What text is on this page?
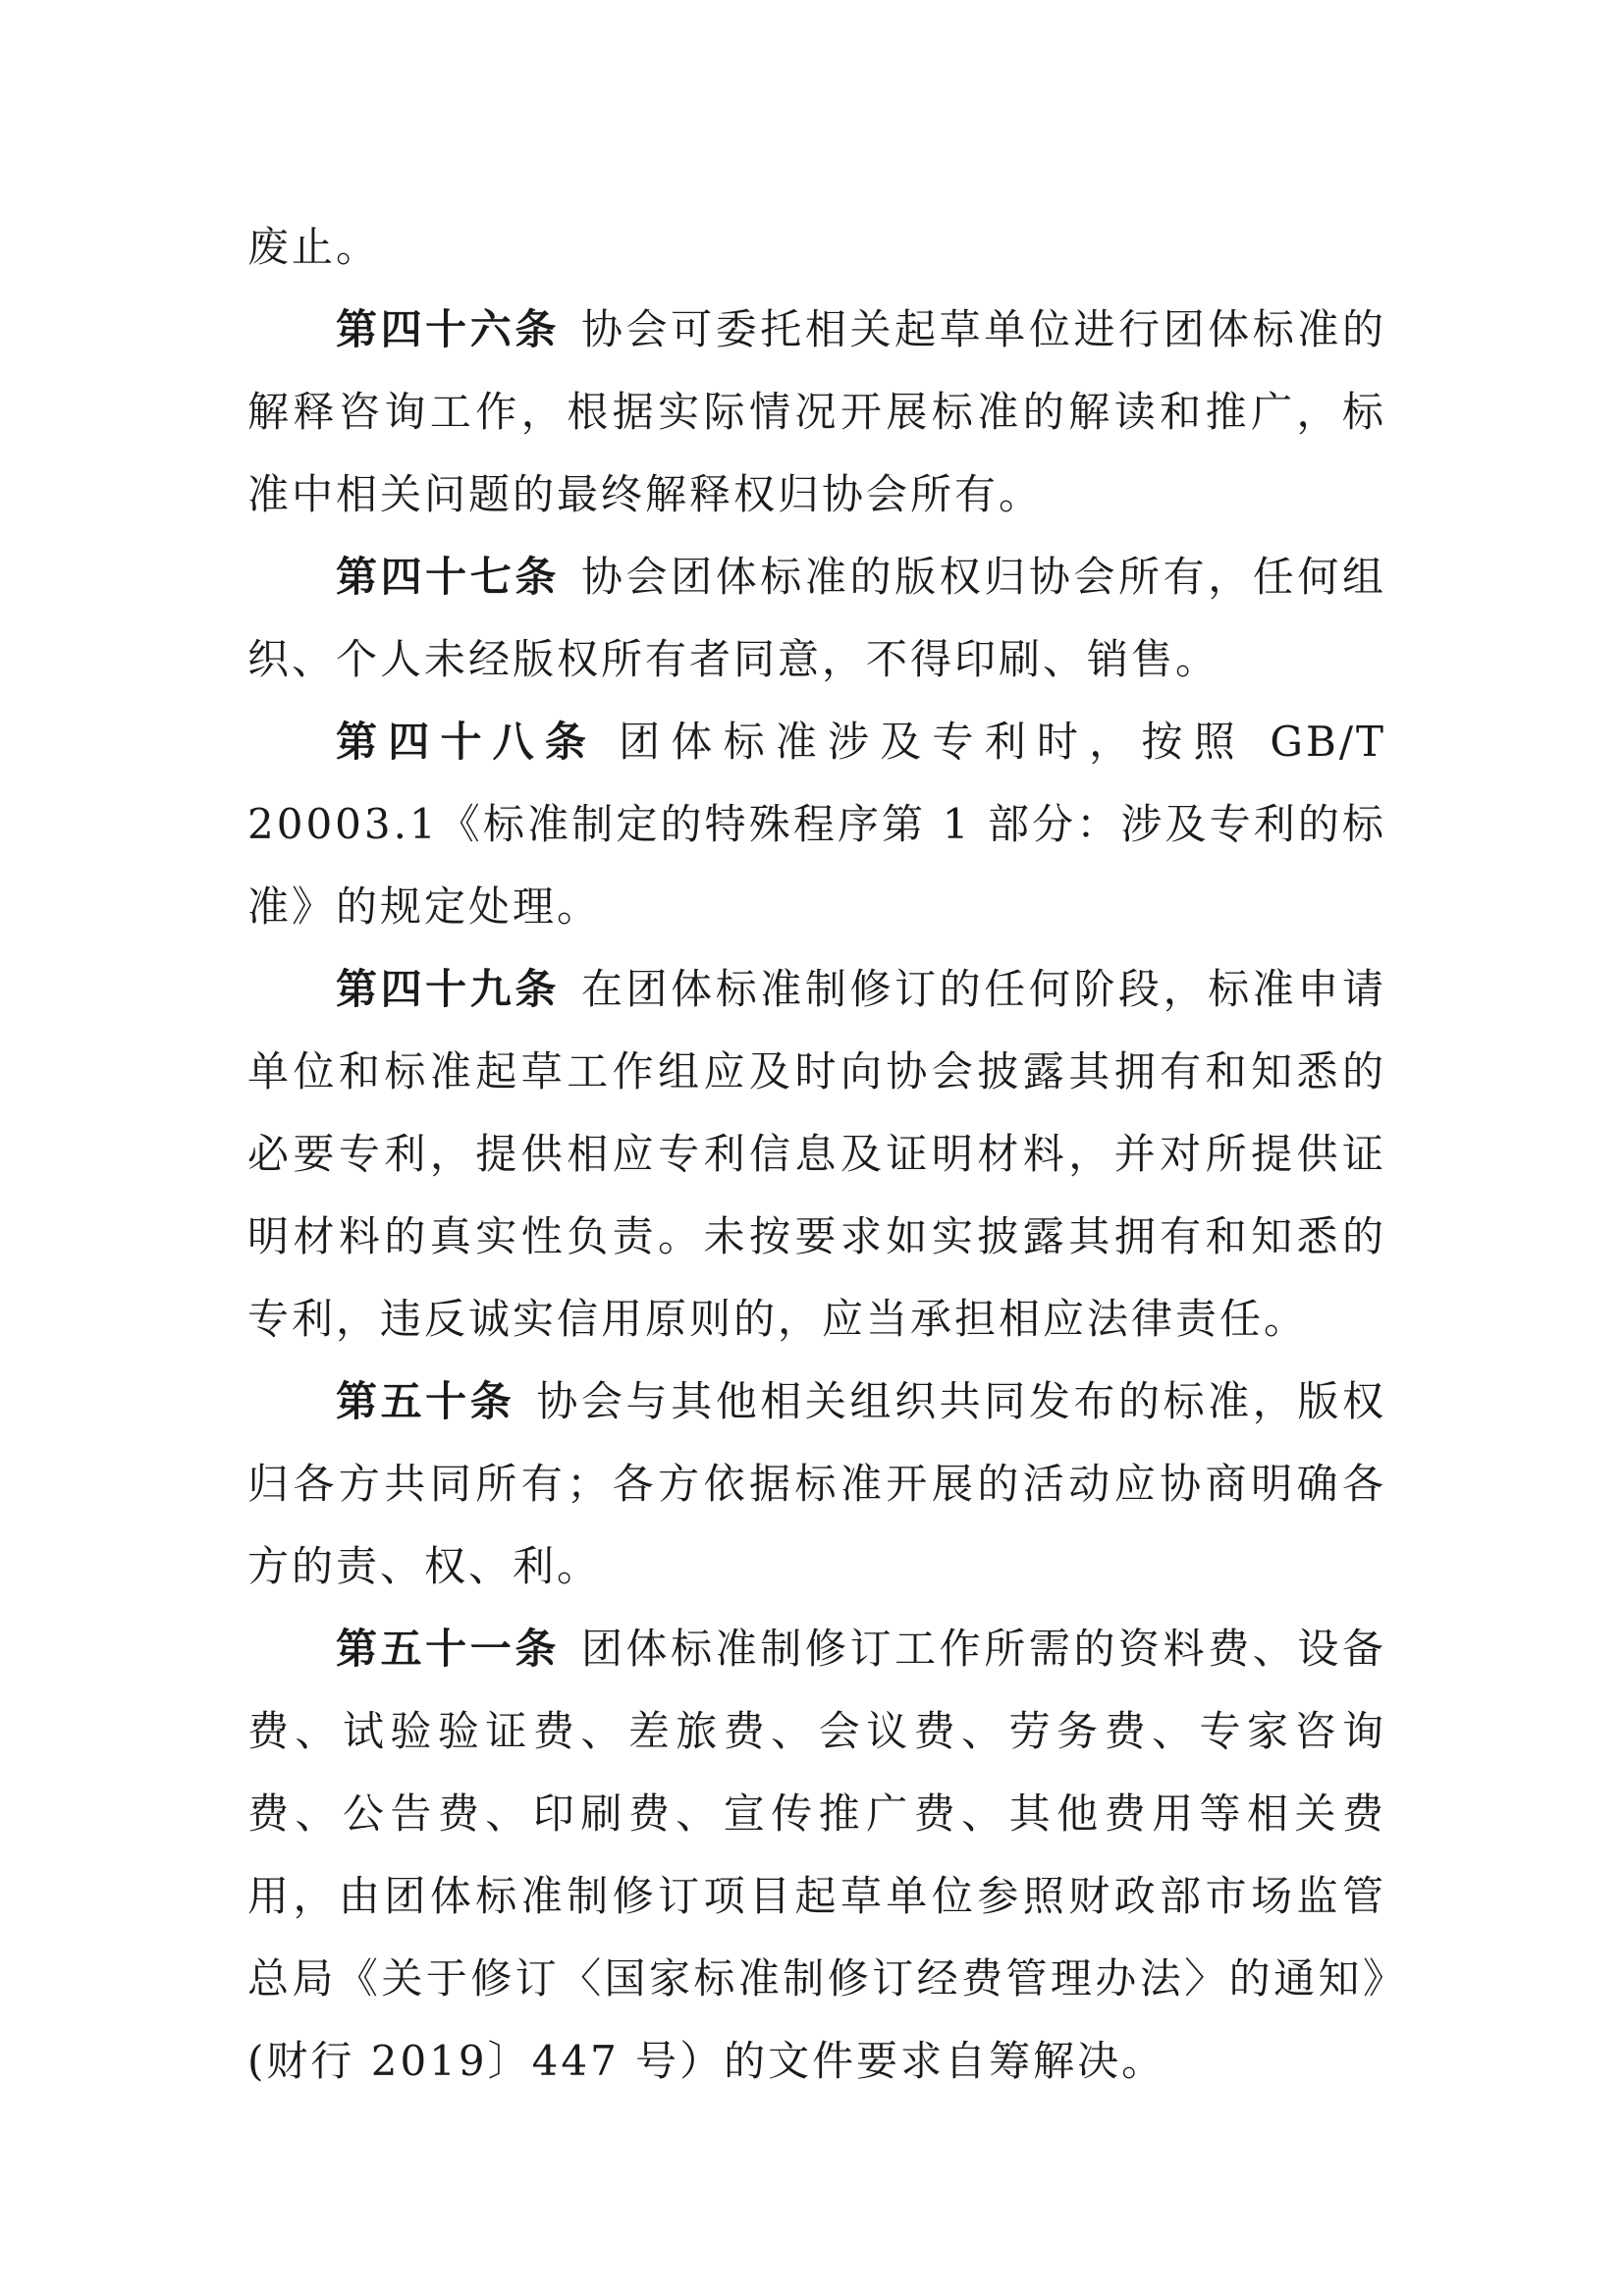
废止。

第四十六条 协会可委托相关起草单位进行团体标准的解释咨询工作，根据实际情况开展标准的解读和推广，标准中相关问题的最终解释权归协会所有。

第四十七条 协会团体标准的版权归协会所有，任何组织、个人未经版权所有者同意，不得印刷、销售。

第四十八条 团体标准涉及专利时，按照 GB/T 20003.1《标准制定的特殊程序第 1 部分：涉及专利的标准》的规定处理。

第四十九条 在团体标准制修订的任何阶段，标准申请单位和标准起草工作组应及时向协会披露其拥有和知悉的必要专利，提供相应专利信息及证明材料，并对所提供证明材料的真实性负责。未按要求如实披露其拥有和知悉的专利，违反诚实信用原则的，应当承担相应法律责任。

第五十条 协会与其他相关组织共同发布的标准，版权归各方共同所有；各方依据标准开展的活动应协商明确各方的责、权、利。

第五十一条 团体标准制修订工作所需的资料费、设备费、试验验证费、差旅费、会议费、劳务费、专家咨询费、公告费、印刷费、宣传推广费、其他费用等相关费用，由团体标准制修订项目起草单位参照财政部市场监管总局《关于修订〈国家标准制修订经费管理办法〉的通知》(财行 2019〕447 号）的文件要求自筹解决。
